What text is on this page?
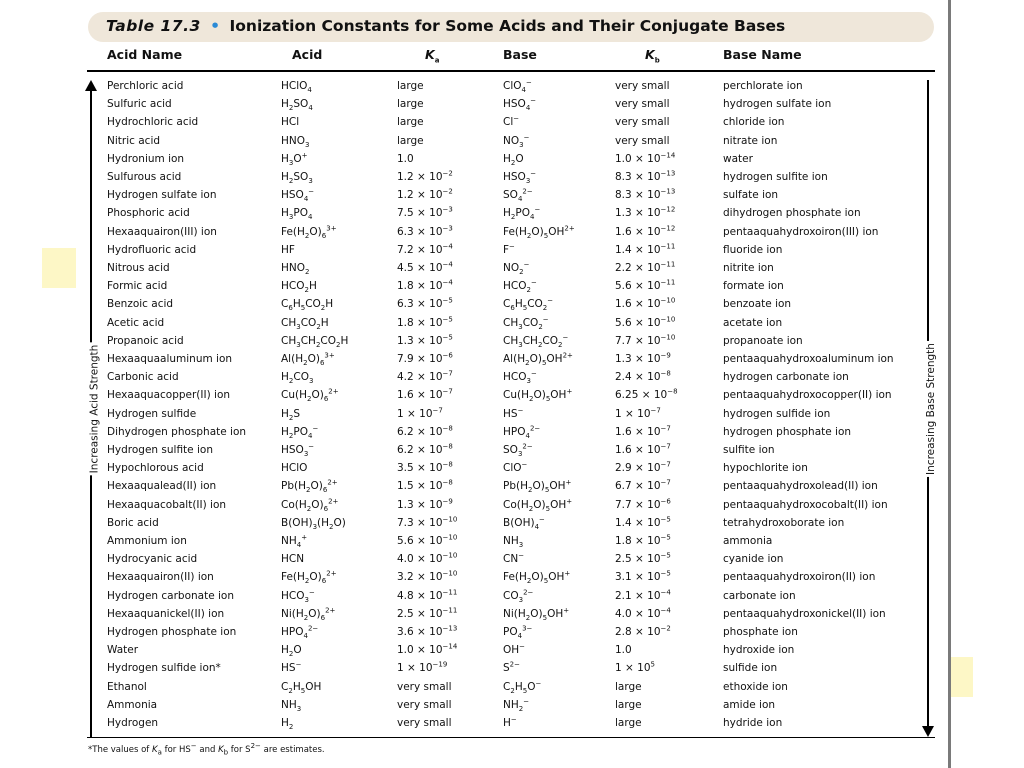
Table 17.3 • Ionization Constants for Some Acids and Their Conjugate Bases
Acid Name	Acid	$K_a$	Base	$K_b$	Base Name
Perchloric acid	HClO$_4$	large	ClO$_4$−	very small	perchlorate ion
Sulfuric acid	$H_2SO_4$	large	$HSO_4^-$	very small	hydrogen sulfate ion
Hydrochloric acid	HCl	large	Cl−	very small	chloride ion
Nitric acid	$HNO_3$	large	$NO_3^-$	very small	nitrate ion
Hydronium ion	$H_3O^+$	1.0	$H_2O$	$1.0 \times 10^{-14}$	water
Sulfurous acid	$H_2SO_3$	$1.2 \times 10^{-2}$	$HSO_3^-$	$8.3 \times 10^{-13}$	hydrogen sulfite ion
Hydrogen sulfate ion	$HSO_4^-$	$1.2 \times 10^{-2}$	$SO_4^{2-}$	$8.3 \times 10^{-13}$	sulfate ion
Phosphoric acid	$H_3PO_4$	$7.5 \times 10^{-3}$	$H_2PO_4^-$	$1.3 \times 10^{-12}$	dihydrogen phosphate ion
Hexaaquairon(III) ion	$Fe(H_2O)_6^{3+}$	$6.3 \times 10^{-3}$	$Fe(H_2O)_5OH^{2+}$	$1.6 \times 10^{-12}$	pentaaquahydroxoiron(III) ion
Hydrofluoric acid	HF	$7.2 \times 10^{-4}$	F−	$1.4 \times 10^{-11}$	fluoride ion
Nitrous acid	$HNO_2$	$4.5 \times 10^{-4}$	$NO_2^-$	$2.2 \times 10^{-11}$	nitrite ion
Formic acid	$HCO_2H$	$1.8 \times 10^{-4}$	$HCO_2^-$	$5.6 \times 10^{-11}$	formate ion
Benzoic acid	$C_6H_5CO_2H$	$6.3 \times 10^{-5}$	$C_6H_5CO_2^-$	$1.6 \times 10^{-10}$	benzoate ion
Acetic acid	$CH_3CO_2H$	$1.8 \times 10^{-5}$	$CH_3CO_2^-$	$5.6 \times 10^{-10}$	acetate ion
Propanoic acid	$CH_3CH_2CO_2H$	$1.3 \times 10^{-5}$	$CH_3CH_2CO_2^-$	$7.7 \times 10^{-10}$	propanoate ion
Hexaaquaaluminum ion	$Al(H_2O)_6^{3+}$	$7.9 \times 10^{-6}$	$Al(H_2O)_5OH^{2+}$	$1.3 \times 10^{-9}$	pentaaquahydroxoaluminum ion
Carbonic acid	$H_2CO_3$	$4.2 \times 10^{-7}$	$HCO_3^-$	$2.4 \times 10^{-8}$	hydrogen carbonate ion
Hexaaquacopper(II) ion	$Cu(H_2O)_6^{2+}$	$1.6 \times 10^{-7}$	$Cu(H_2O)_5OH^+$	$6.25 \times 10^{-8}$	pentaaquahydroxocopper(II) ion
Hydrogen sulfide	$H_2S$	$1 \times 10^{-7}$	HS−	$1 \times 10^{-7}$	hydrogen sulfide ion
Dihydrogen phosphate ion	$H_2PO_4^-$	$6.2 \times 10^{-8}$	$HPO_4^{2-}$	$1.6 \times 10^{-7}$	hydrogen phosphate ion
Hydrogen sulfite ion	$HSO_3^-$	$6.2 \times 10^{-8}$	$SO_3^{2-}$	$1.6 \times 10^{-7}$	sulfite ion
Hypochlorous acid	HClO	$3.5 \times 10^{-8}$	ClO−	$2.9 \times 10^{-7}$	hypochlorite ion
Hexaaqualead(II) ion	$Pb(H_2O)_6^{2+}$	$1.5 \times 10^{-8}$	$Pb(H_2O)_5OH^+$	$6.7 \times 10^{-7}$	pentaaquahydroxolead(II) ion
Hexaaquacobalt(II) ion	$Co(H_2O)_6^{2+}$	$1.3 \times 10^{-9}$	$Co(H_2O)_5OH^+$	$7.7 \times 10^{-6}$	pentaaquahydroxocobalt(II) ion
Boric acid	$B(OH)_3(H_2O)$	$7.3 \times 10^{-10}$	$B(OH)_4^-$	$1.4 \times 10^{-5}$	tetrahydroxoborate ion
Ammonium ion	$NH_4^+$	$5.6 \times 10^{-10}$	$NH_3$	$1.8 \times 10^{-5}$	ammonia
Hydrocyanic acid	HCN	$4.0 \times 10^{-10}$	CN−	$2.5 \times 10^{-5}$	cyanide ion
Hexaaquairon(II) ion	$Fe(H_2O)_6^{2+}$	$3.2 \times 10^{-10}$	$Fe(H_2O)_5OH^+$	$3.1 \times 10^{-5}$	pentaaquahydroxoiron(II) ion
Hydrogen carbonate ion	$HCO_3^-$	$4.8 \times 10^{-11}$	$CO_3^{2-}$	$2.1 \times 10^{-4}$	carbonate ion
Hexaaquanickel(II) ion	$Ni(H_2O)_6^{2+}$	$2.5 \times 10^{-11}$	$Ni(H_2O)_5OH^+$	$4.0 \times 10^{-4}$	pentaaquahydroxonickel(II) ion
Hydrogen phosphate ion	$HPO_4^{2-}$	$3.6 \times 10^{-13}$	$PO_4^{3-}$	$2.8 \times 10^{-2}$	phosphate ion
Water	$H_2O$	$1.0 \times 10^{-14}$	OH−	1.0	hydroxide ion
Hydrogen sulfide ion*	HS−	$1 \times 10^{-19}$	$S^{2-}$	$1 \times 10^5$	sulfide ion
Ethanol	$C_2H_5OH$	very small	$C_2H_5O^-$	large	ethoxide ion
Ammonia	$NH_3$	very small	$NH_2^-$	large	amide ion
Hydrogen	$H_2$	very small	H−	large	hydride ion
Increasing Acid Strength	Increasing Base Strength
*The values of $K_a$ for HS− and $K_b$ for $S^{2-}$ are estimates.
